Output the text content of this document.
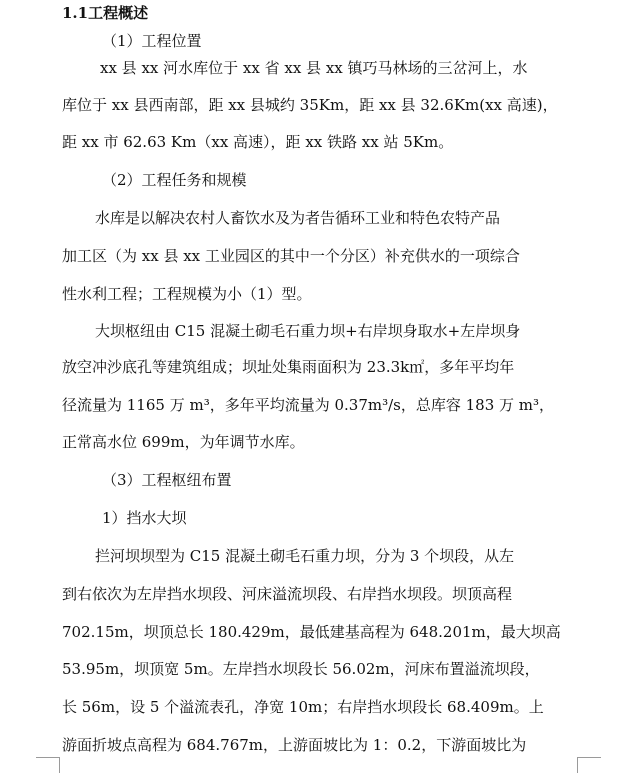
1.1工程概述
（1）工程位置
xx 县 xx 河水库位于 xx 省 xx 县 xx 镇巧马林场的三岔河上，水
库位于 xx 县西南部，距 xx 县城约 35Km，距 xx 县 32.6Km(xx 高速)，
距 xx 市 62.63 Km（xx 高速），距 xx 铁路 xx 站 5Km。
（2）工程任务和规模
水库是以解决农村人畜饮水及为者告循环工业和特色农特产品
加工区（为 xx 县 xx 工业园区的其中一个分区）补充供水的一项综合
性水利工程；工程规模为小（1）型。
大坝枢纽由 C15 混凝土砌毛石重力坝+右岸坝身取水+左岸坝身
放空冲沙底孔等建筑组成；坝址处集雨面积为 23.3k㎡，多年平均年
径流量为 1165 万 m³，多年平均流量为 0.37m³/s，总库容 183 万 m³，
正常高水位 699m，为年调节水库。
（3）工程枢纽布置
1）挡水大坝
拦河坝坝型为 C15 混凝土砌毛石重力坝，分为 3 个坝段，从左
到右依次为左岸挡水坝段、河床溢流坝段、右岸挡水坝段。坝顶高程
702.15m，坝顶总长 180.429m，最低建基高程为 648.201m，最大坝高
53.95m，坝顶宽 5m。左岸挡水坝段长 56.02m，河床布置溢流坝段，
长 56m，设 5 个溢流表孔，净宽 10m；右岸挡水坝段长 68.409m。上
游面折坡点高程为 684.767m，上游面坡比为 1：0.2，下游面坡比为
